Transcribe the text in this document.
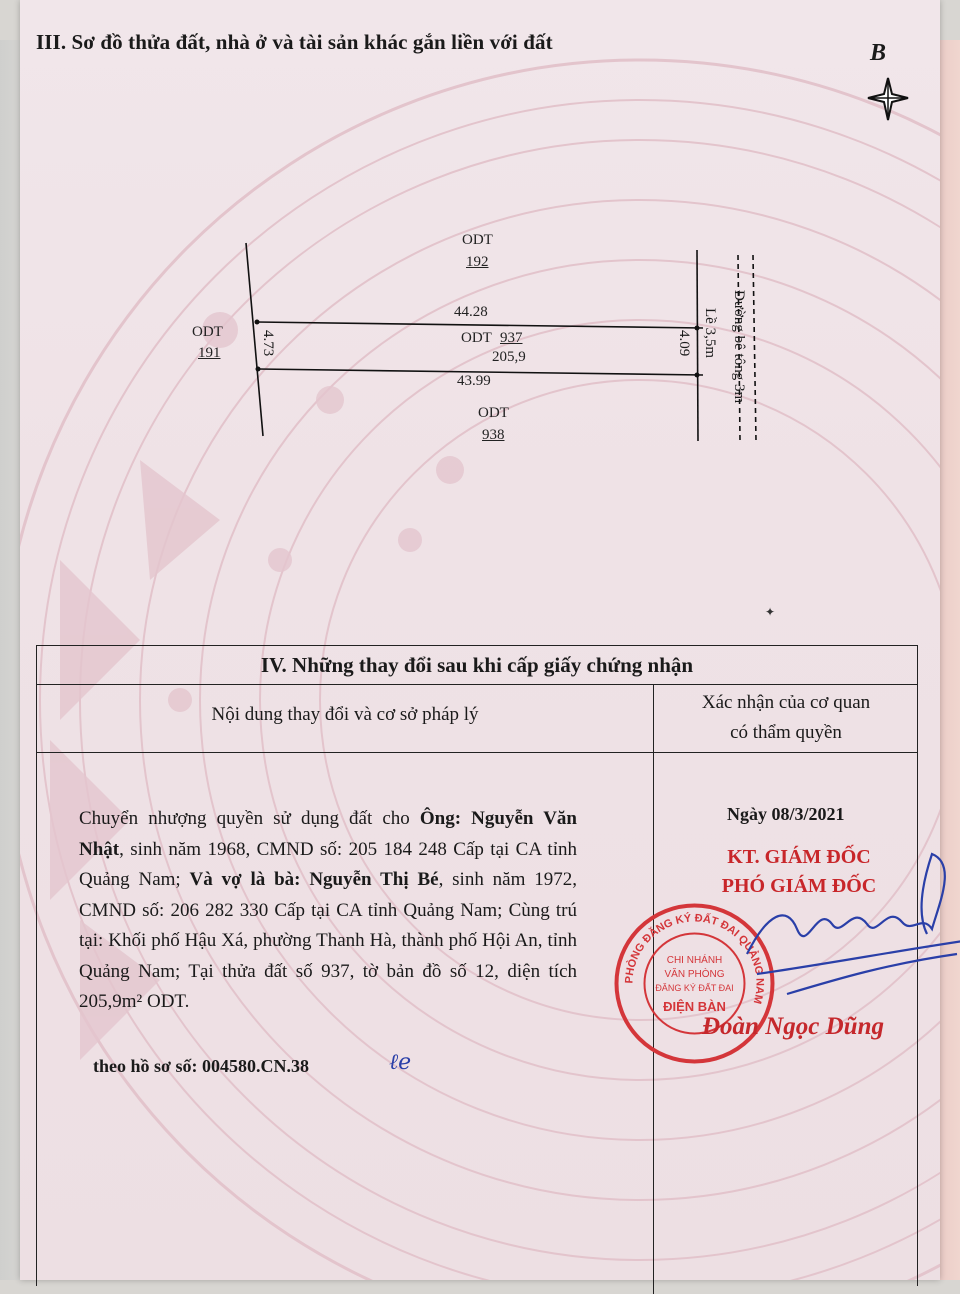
III. Sơ đồ thửa đất, nhà ở và tài sản khác gắn liền với đất	B
ODT
192
ODT
191
44.28
ODT 937
205,9
43.99
4.73	4.09 Lề 3,5m Đường bê tông 3m
ODT
938
✦
IV. Những thay đổi sau khi cấp giấy chứng nhận
Nội dung thay đổi và cơ sở pháp lý
Xác nhận của cơ quan
có thẩm quyền
Chuyển nhượng quyền sử dụng đất cho Ông: Nguyễn Văn Nhật, sinh năm 1968, CMND số: 205 184 248 Cấp tại CA tỉnh Quảng Nam; Và vợ là bà: Nguyễn Thị Bé, sinh năm 1972, CMND số: 206 282 330 Cấp tại CA tỉnh Quảng Nam; Cùng trú tại: Khối phố Hậu Xá, phường Thanh Hà, thành phố Hội An, tỉnh Quảng Nam; Tại thửa đất số 937, tờ bản đồ số 12, diện tích 205,9m² ODT.
theo hồ sơ số: 004580.CN.38	ℓe
Ngày 08/3/2021
KT. GIÁM ĐỐC
PHÓ GIÁM ĐỐC
PHÒNG ĐĂNG KÝ ĐẤT ĐAI QUẢNG NAM
CHI NHÁNH
VĂN PHÒNG
ĐĂNG KÝ ĐẤT ĐAI
ĐIỆN BÀN
Đoàn Ngọc Dũng
